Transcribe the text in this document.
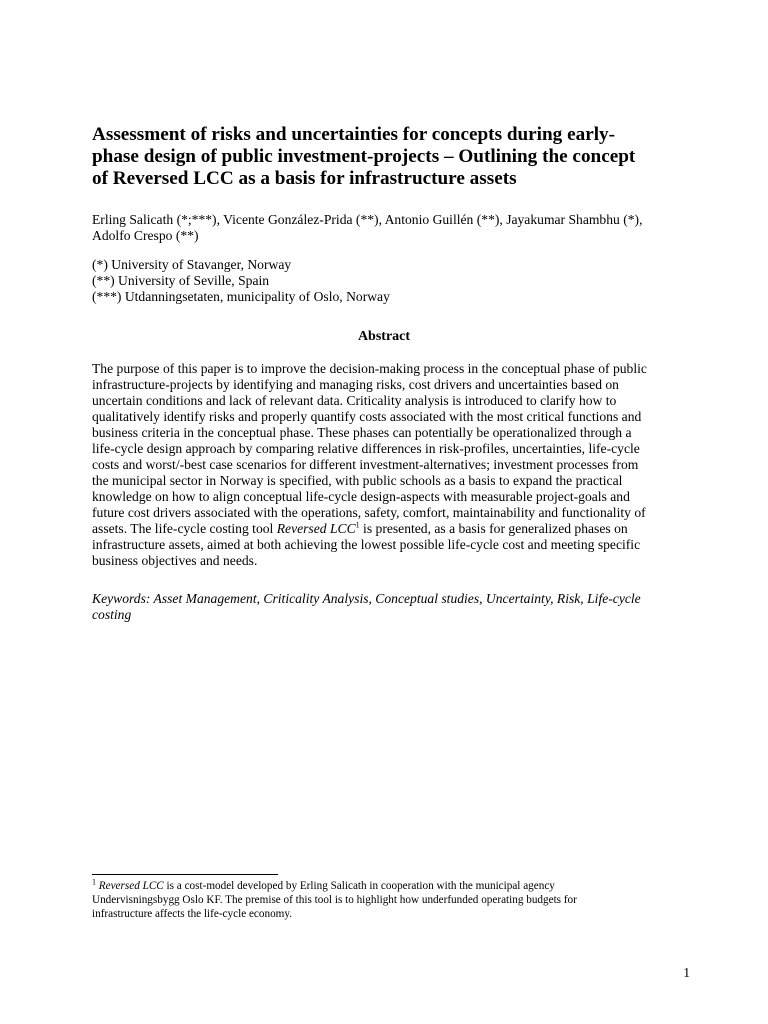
Assessment of risks and uncertainties for concepts during early-
phase design of public investment-projects – Outlining the concept
of Reversed LCC as a basis for infrastructure assets
Erling Salicath (*;***), Vicente González-Prida (**), Antonio Guillén (**), Jayakumar Shambhu (*),
Adolfo Crespo (**)
(*) University of Stavanger, Norway
(**) University of Seville, Spain
(***) Utdanningsetaten, municipality of Oslo, Norway
Abstract
The purpose of this paper is to improve the decision-making process in the conceptual phase of public
infrastructure-projects by identifying and managing risks, cost drivers and uncertainties based on
uncertain conditions and lack of relevant data. Criticality analysis is introduced to clarify how to
qualitatively identify risks and properly quantify costs associated with the most critical functions and
business criteria in the conceptual phase. These phases can potentially be operationalized through a
life-cycle design approach by comparing relative differences in risk-profiles, uncertainties, life-cycle
costs and worst/-best case scenarios for different investment-alternatives; investment processes from
the municipal sector in Norway is specified, with public schools as a basis to expand the practical
knowledge on how to align conceptual life-cycle design-aspects with measurable project-goals and
future cost drivers associated with the operations, safety, comfort, maintainability and functionality of
assets. The life-cycle costing tool Reversed LCC$^1$ is presented, as a basis for generalized phases on
infrastructure assets, aimed at both achieving the lowest possible life-cycle cost and meeting specific
business objectives and needs.
Keywords: Asset Management, Criticality Analysis, Conceptual studies, Uncertainty, Risk, Life-cycle
costing
$^1$ Reversed LCC is a cost-model developed by Erling Salicath in cooperation with the municipal agency
Undervisningsbygg Oslo KF. The premise of this tool is to highlight how underfunded operating budgets for
infrastructure affects the life-cycle economy.
1
